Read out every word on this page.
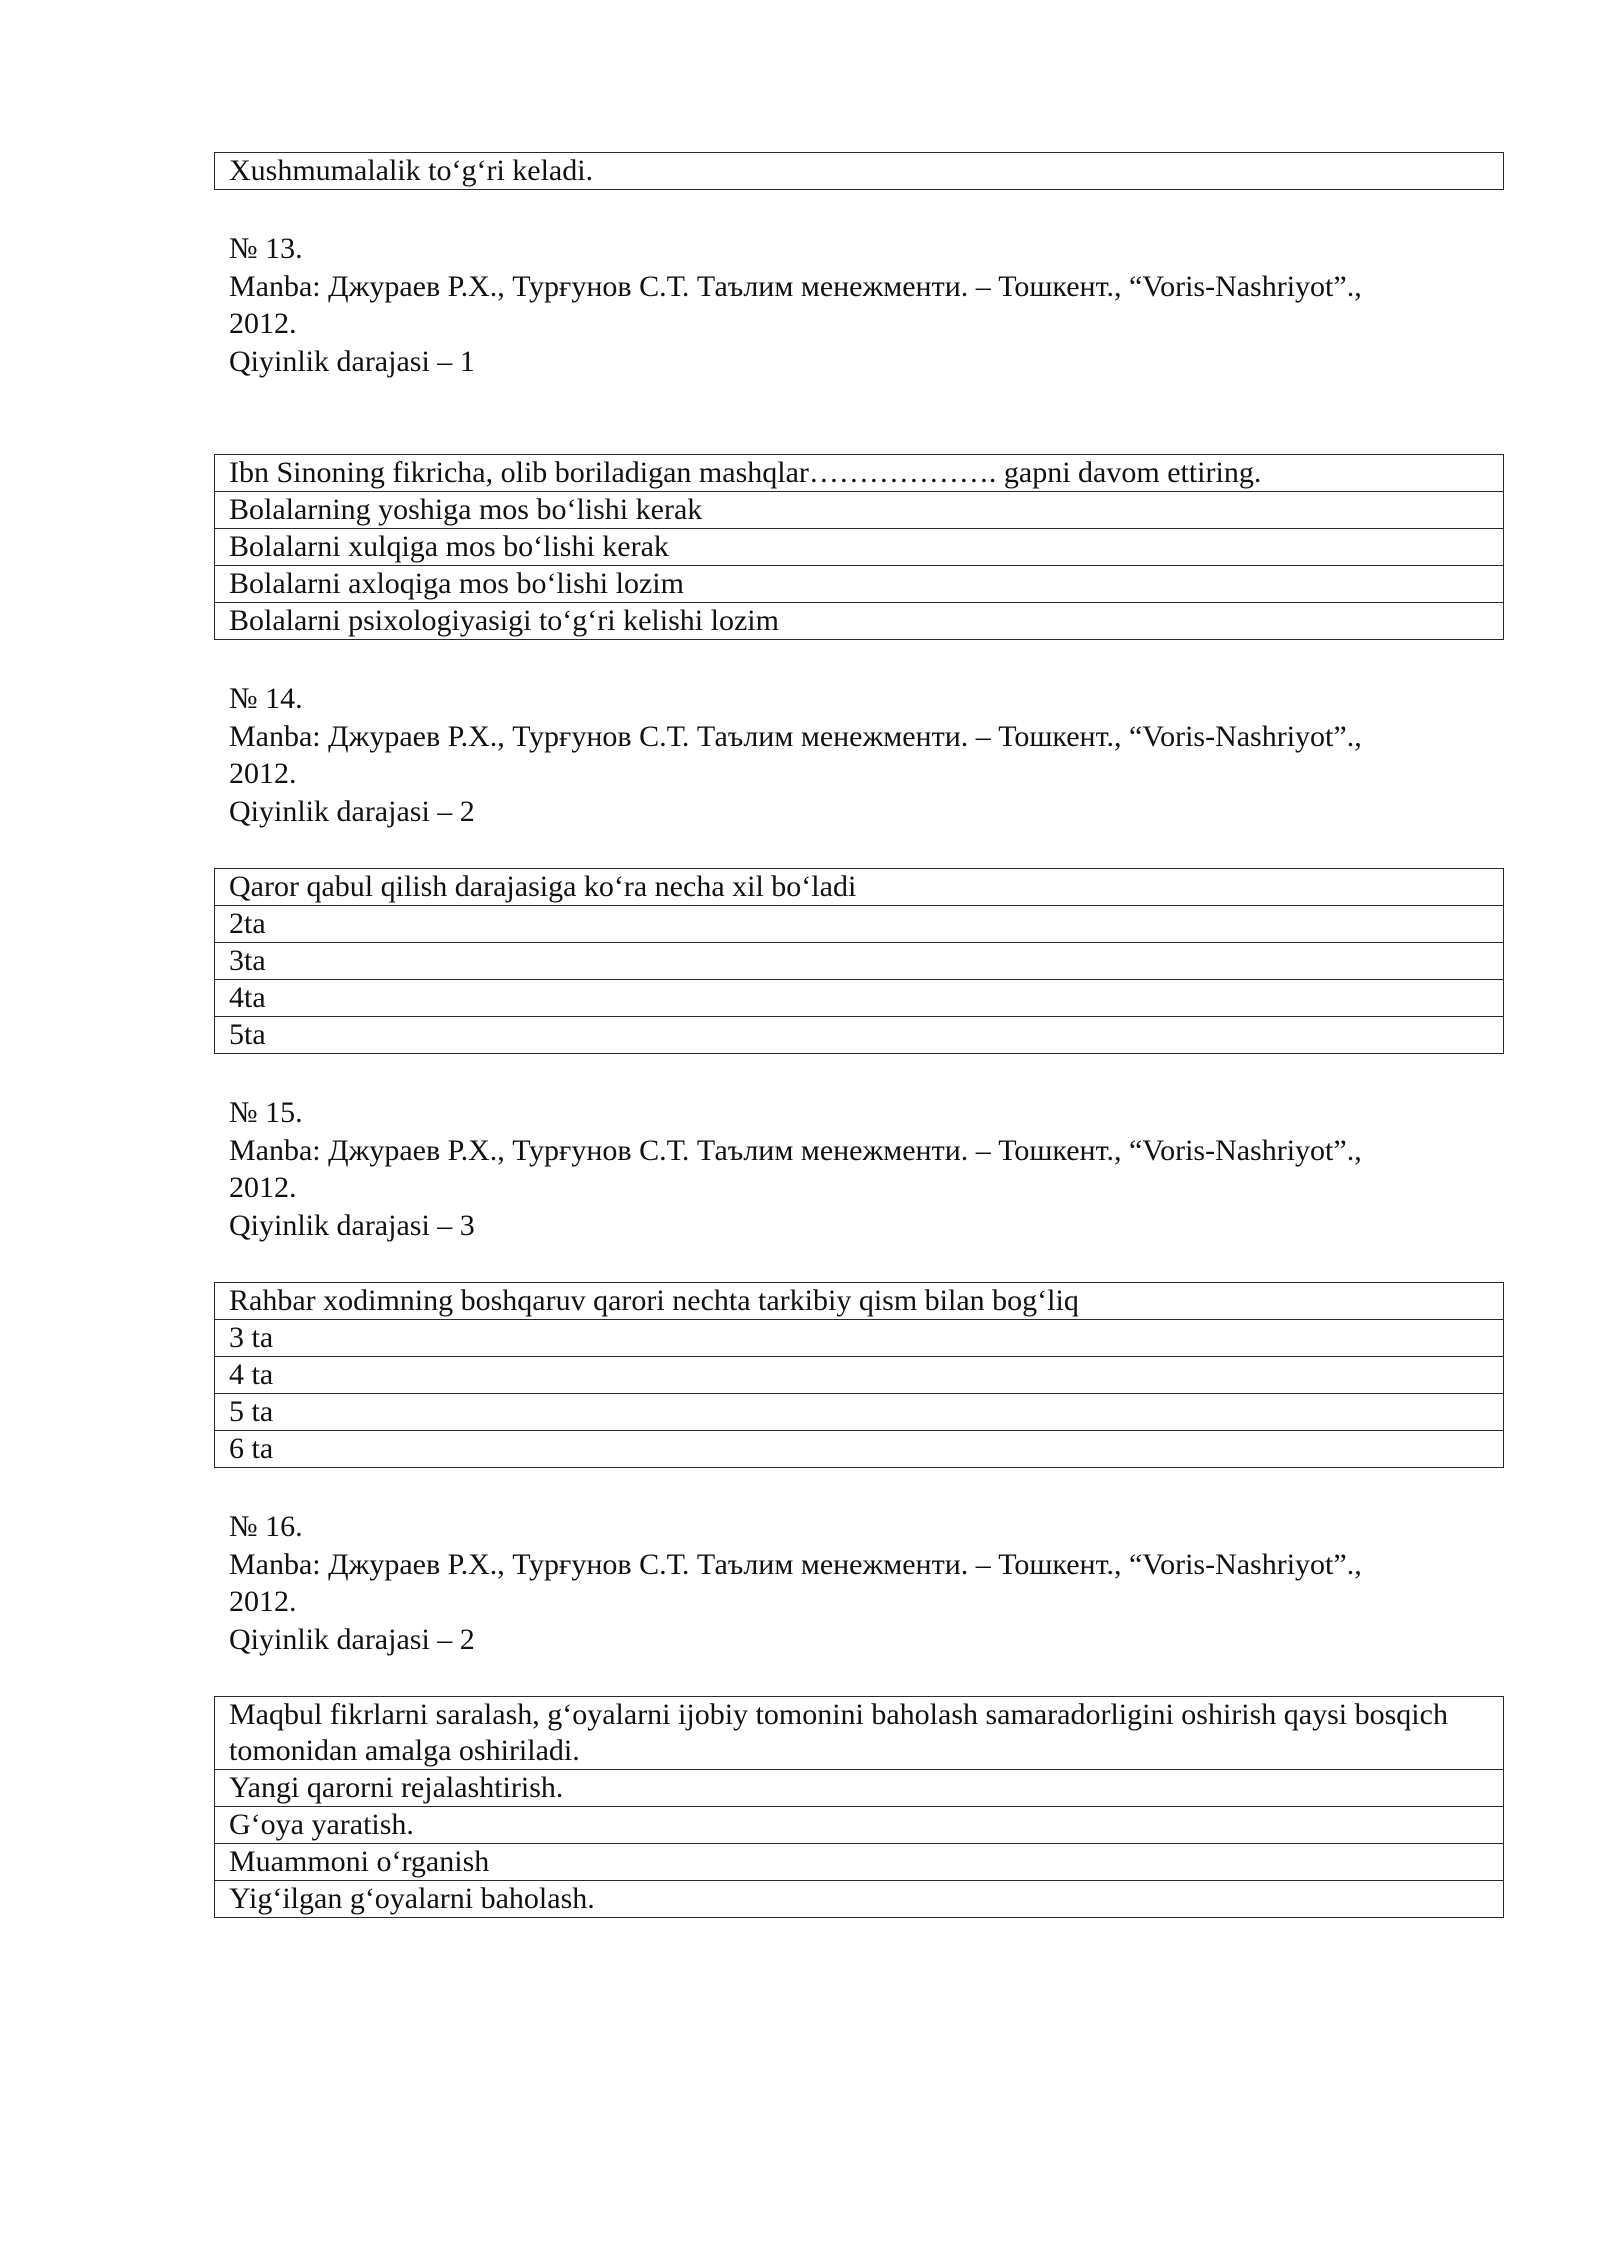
Xushmumalalik to‘g‘ri keladi.
№ 13.
Manba: Джураев Р.Х., Турғунов С.Т. Таълим менежменти. – Тошкент., “Voris-Nashriyot”.,
2012.
Qiyinlik darajasi – 1
Ibn Sinoning fikricha, olib boriladigan mashqlar………………. gapni davom ettiring.
Bolalarning yoshiga mos bo‘lishi kerak
Bolalarni xulqiga mos bo‘lishi kerak
Bolalarni axloqiga mos bo‘lishi lozim
Bolalarni psixologiyasigi to‘g‘ri kelishi lozim
№ 14.
Manba: Джураев Р.Х., Турғунов С.Т. Таълим менежменти. – Тошкент., “Voris-Nashriyot”.,
2012.
Qiyinlik darajasi – 2
Qaror qabul qilish darajasiga ko‘ra necha xil bo‘ladi
2ta
3ta
4ta
5ta
№ 15.
Manba: Джураев Р.Х., Турғунов С.Т. Таълим менежменти. – Тошкент., “Voris-Nashriyot”.,
2012.
Qiyinlik darajasi – 3
Rahbar xodimning boshqaruv qarori nechta tarkibiy qism bilan bog‘liq
3 ta
4 ta
5 ta
6 ta
№ 16.
Manba: Джураев Р.Х., Турғунов С.Т. Таълим менежменти. – Тошкент., “Voris-Nashriyot”.,
2012.
Qiyinlik darajasi – 2
Maqbul fikrlarni saralash, g‘oyalarni ijobiy tomonini baholash samaradorligini oshirish qaysi bosqich tomonidan amalga oshiriladi.
Yangi qarorni rejalashtirish.
G‘oya yaratish.
Muammoni o‘rganish
Yig‘ilgan g‘oyalarni baholash.
